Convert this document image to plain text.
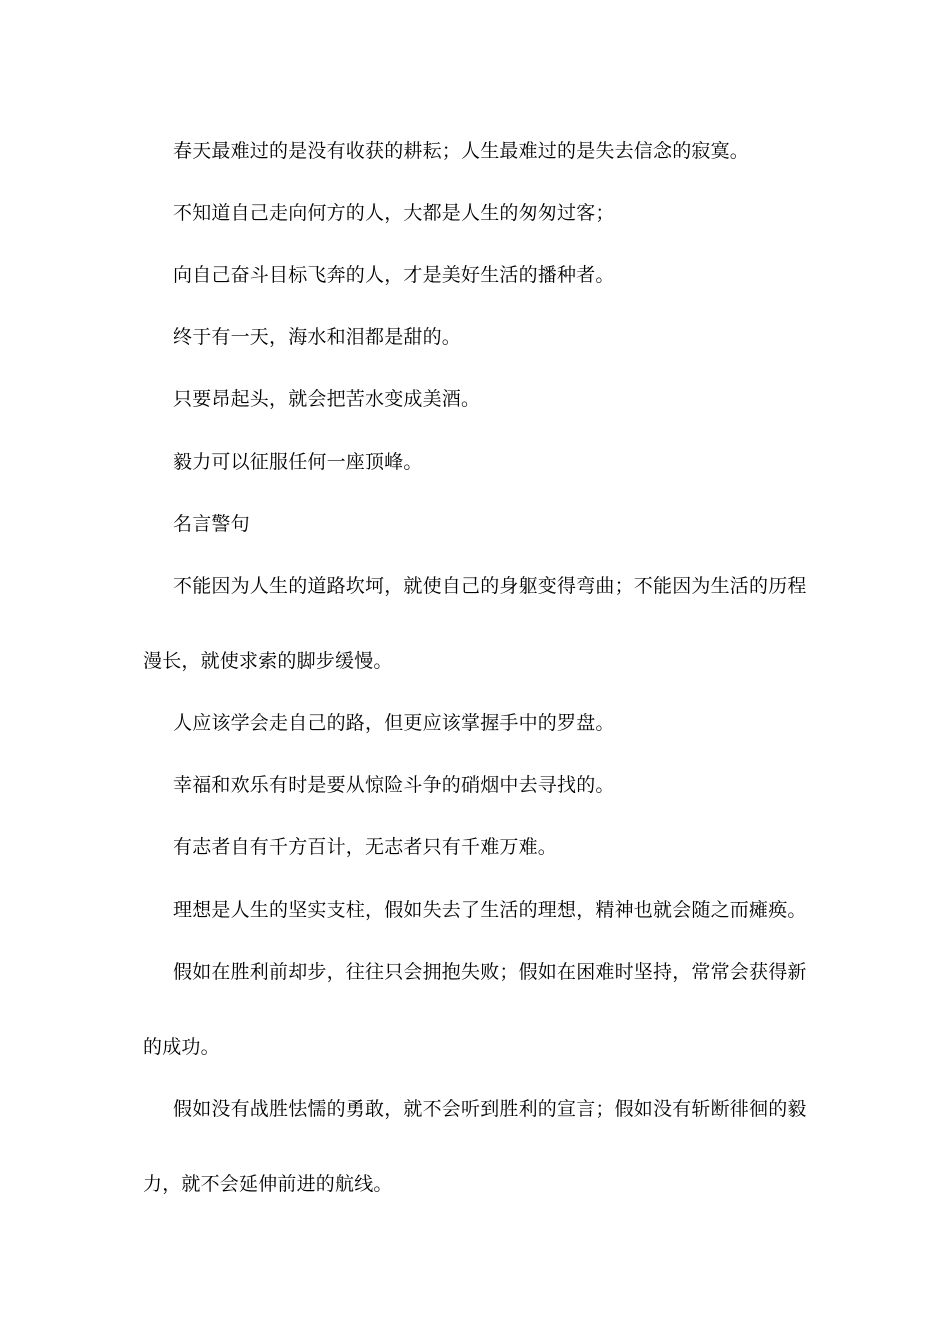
春天最难过的是没有收获的耕耘；人生最难过的是失去信念的寂寞。

不知道自己走向何方的人，大都是人生的匆匆过客；

向自己奋斗目标飞奔的人，才是美好生活的播种者。

终于有一天，海水和泪都是甜的。

只要昂起头，就会把苦水变成美酒。

毅力可以征服任何一座顶峰。

名言警句

不能因为人生的道路坎坷，就使自己的身躯变得弯曲；不能因为生活的历程

漫长，就使求索的脚步缓慢。

人应该学会走自己的路，但更应该掌握手中的罗盘。

幸福和欢乐有时是要从惊险斗争的硝烟中去寻找的。

有志者自有千方百计，无志者只有千难万难。

理想是人生的坚实支柱，假如失去了生活的理想，精神也就会随之而瘫痪。

假如在胜利前却步，往往只会拥抱失败；假如在困难时坚持，常常会获得新

的成功。

假如没有战胜怯懦的勇敢，就不会听到胜利的宣言；假如没有斩断徘徊的毅

力，就不会延伸前进的航线。
